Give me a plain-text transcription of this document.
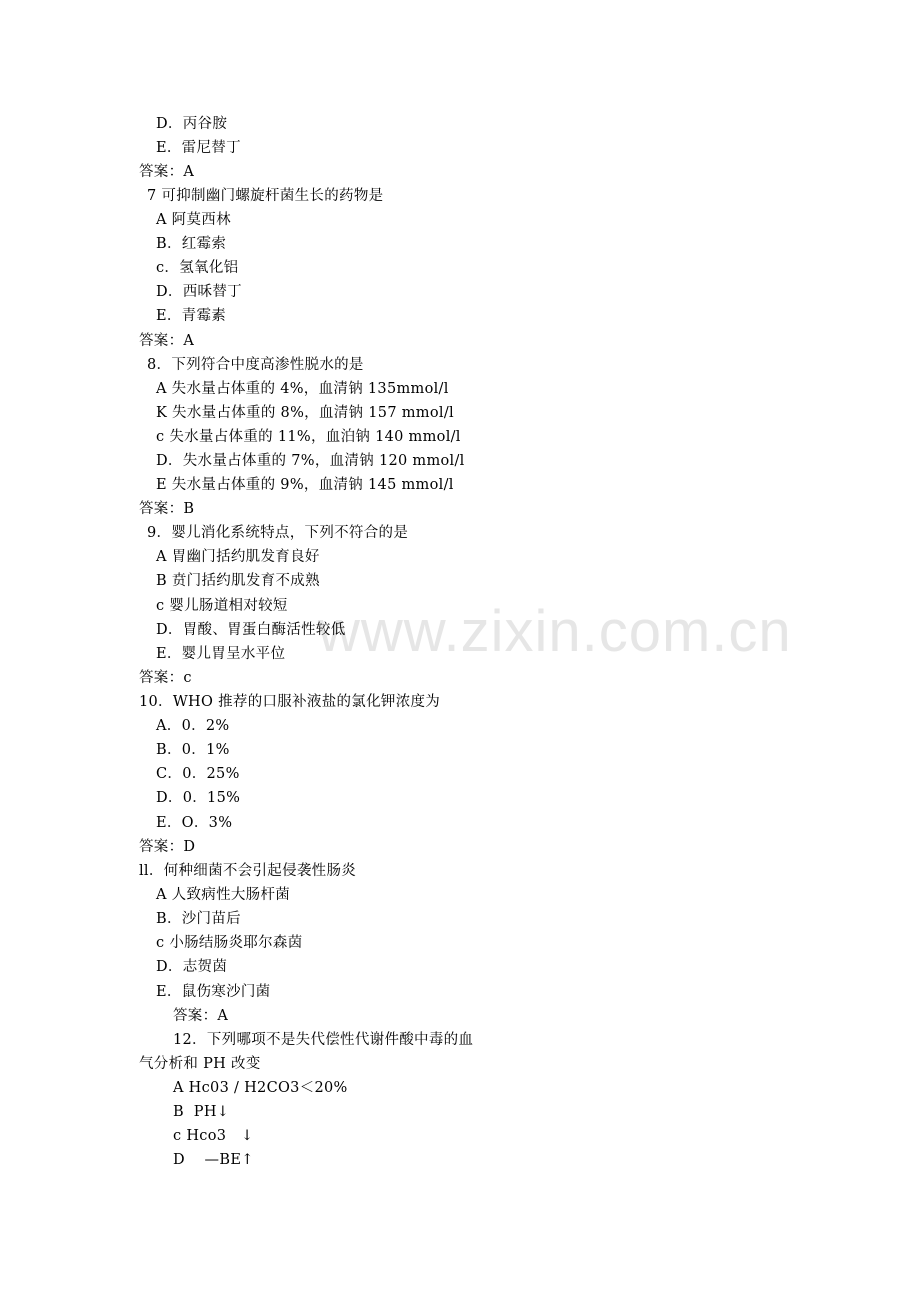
www.zixin.com.cn
D．丙谷胺
E．雷尼替丁
答案：A
7 可抑制幽门螺旋杆菌生长的药物是
A 阿莫西林
B．红霉索
c．氢氧化铝
D．西咊替丁
E．青霉素
答案：A
8．下列符合中度高渗性脱水的是
A 失水量占体重的 4%，血清钠 135mmol/l
K 失水量占体重的 8%，血清钠 157 mmol/l
c 失水量占体重的 11%，血泊钠 140 mmol/l
D．失水量占体重的 7%，血清钠 120 mmol/l
E 失水量占体重的 9%，血清钠 145 mmol/l
答案：B
9．婴儿消化系统特点，下列不符合的是
A 胃幽门括约肌发育良好
B 贲门括约肌发育不成熟
c 婴儿肠道相对较短
D．胃酸、胃蛋白酶活性较低
E．婴儿胃呈水平位
答案：c
10．WHO 推荐的口服补液盐的氯化钾浓度为
A．0．2%
B．0．1%
C．0．25%
D．0．15%
E．O．3%
答案：D
ll．何种细菌不会引起侵袭性肠炎
A 人致病性大肠杆菌
B．沙门苗后
c 小肠结肠炎耶尔森茵
D．志贺茵
E．鼠伤寒沙门菌
答案：A
12．下列哪项不是失代偿性代谢件酸中毒的血
气分析和 PH 改变
A Hc03 / H2CO3＜20%
B  PH↓
c Hco3   ↓
D    —BE↑
